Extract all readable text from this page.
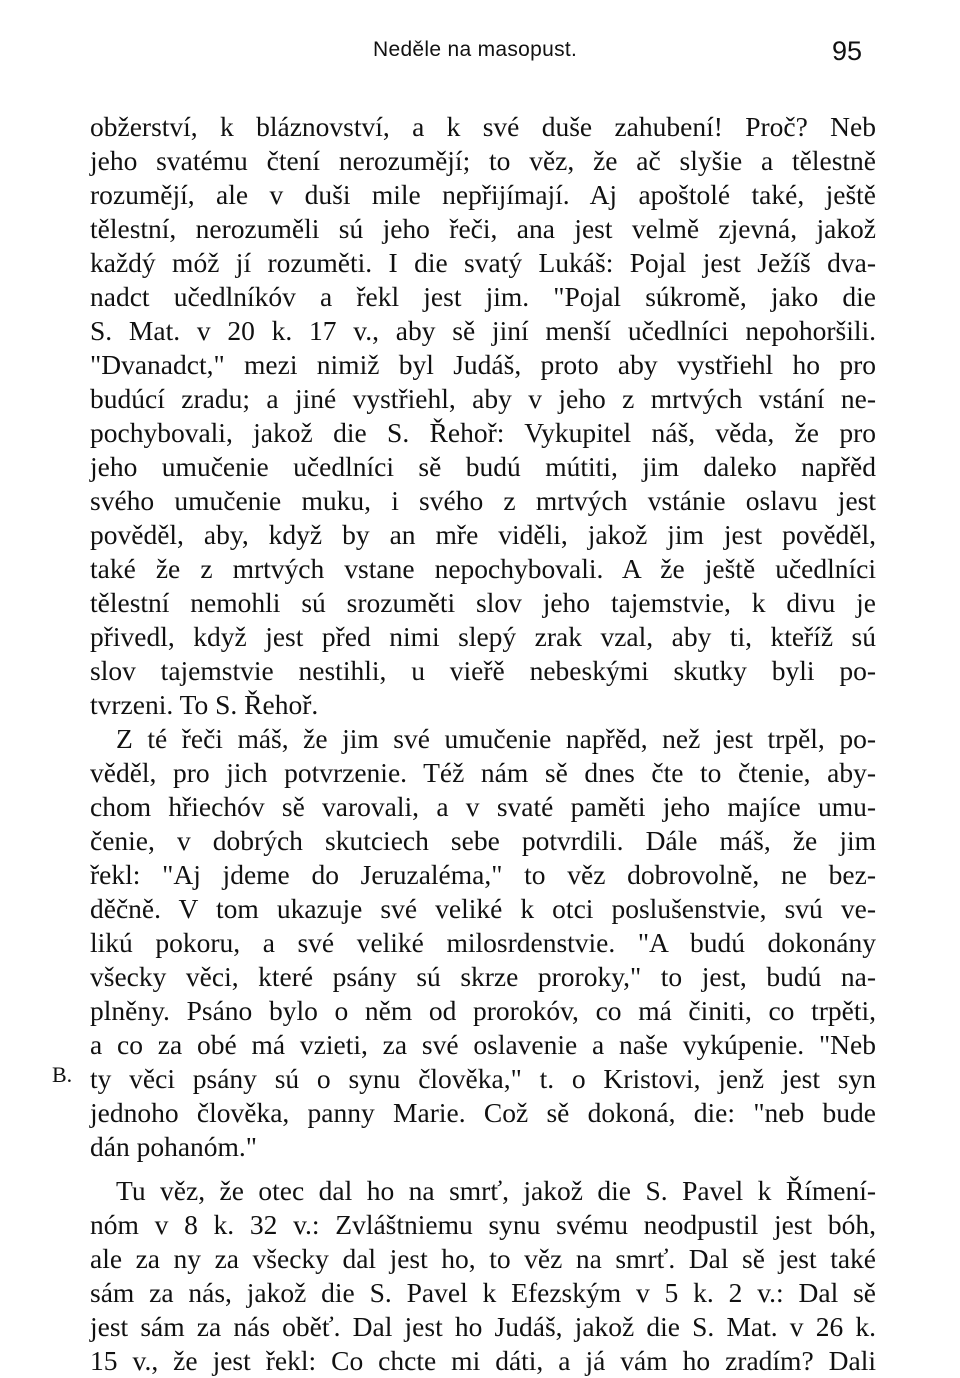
Neděle na masopust.	95
B.
obžerství, k bláznovství, a k své duše zahubení! Proč? Neb
jeho svatému čtení nerozumějí; to věz, že ač slyšie a tělestně
rozumějí, ale v duši mile nepřijímají. Aj apoštolé také, ještě
tělestní, nerozuměli sú jeho řeči, ana jest velmě zjevná, jakož
každý móž jí rozuměti. I die svatý Lukáš: Pojal jest Ježíš dva-
nadct učedlníkóv a řekl jest jim. "Pojal súkromě, jako die
S. Mat. v 20 k. 17 v., aby sě jiní menší učedlníci nepohoršili.
"Dvanadct," mezi nimiž byl Judáš, proto aby vystřiehl ho pro
budúcí zradu; a jiné vystřiehl, aby v jeho z mrtvých vstání ne-
pochybovali, jakož die S. Řehoř: Vykupitel náš, věda, že pro
jeho umučenie učedlníci sě budú mútiti, jim daleko napřěd
svého umučenie muku, i svého z mrtvých vstánie oslavu jest
pověděl, aby, když by an mře viděli, jakož jim jest pověděl,
také že z mrtvých vstane nepochybovali. A že ještě učedlníci
tělestní nemohli sú srozuměti slov jeho tajemstvie, k divu je
přivedl, když jest před nimi slepý zrak vzal, aby ti, kteříž sú
slov tajemstvie nestihli, u vieřě nebeskými skutky byli po-
tvrzeni. To S. Řehoř.
Z té řeči máš, že jim své umučenie napřěd, než jest trpěl, po-
věděl, pro jich potvrzenie. Též nám sě dnes čte to čtenie, aby-
chom hřiechóv sě varovali, a v svaté paměti jeho majíce umu-
čenie, v dobrých skutciech sebe potvrdili. Dále máš, že jim
řekl: "Aj jdeme do Jeruzaléma," to věz dobrovolně, ne bez-
děčně. V tom ukazuje své veliké k otci poslušenstvie, svú ve-
likú pokoru, a své veliké milosrdenstvie. "A budú dokonány
všecky věci, které psány sú skrze proroky," to jest, budú na-
plněny. Psáno bylo o něm od prorokóv, co má činiti, co trpěti,
a co za obé má vzieti, za své oslavenie a naše vykúpenie. "Neb
ty věci psány sú o synu člověka," t. o Kristovi, jenž jest syn
jednoho člověka, panny Marie. Což sě dokoná, die: "neb bude
dán pohanóm."
Tu věz, že otec dal ho na smrť, jakož die S. Pavel k Římení-
nóm v 8 k. 32 v.: Zvláštniemu synu svému neodpustil jest bóh,
ale za ny za všecky dal jest ho, to věz na smrť. Dal sě jest také
sám za nás, jakož die S. Pavel k Efezským v 5 k. 2 v.: Dal sě
jest sám za nás oběť. Dal jest ho Judáš, jakož die S. Mat. v 26 k.
15 v., že jest řekl: Co chcte mi dáti, a já vám ho zradím? Dali
